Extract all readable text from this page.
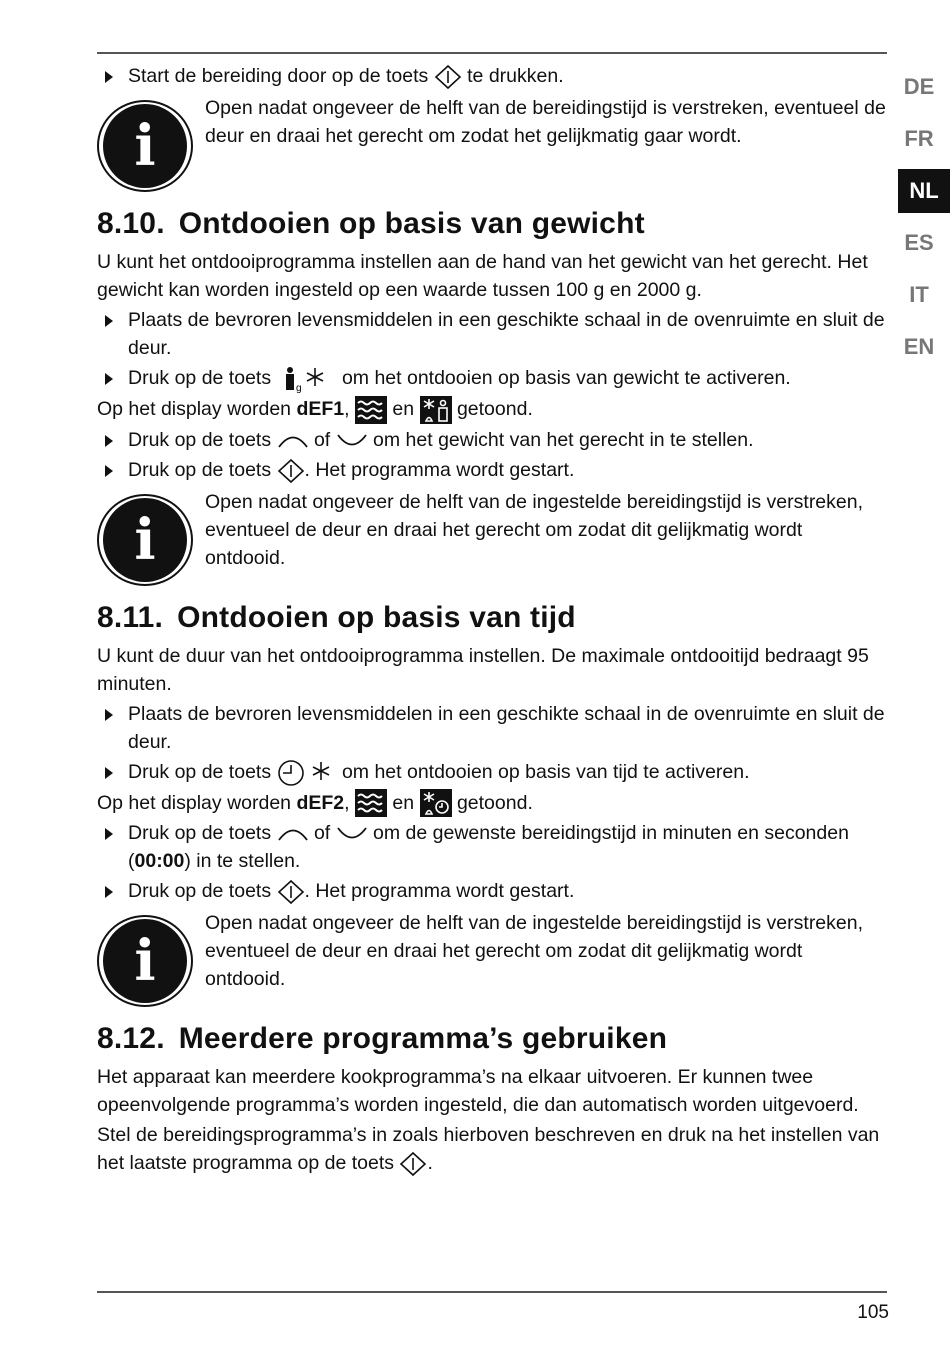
DE
FR
NL
ES
IT
EN
Start de bereiding door op de toets te drukken.
i
Open nadat ongeveer de helft van de bereidingstijd is verstreken, eventueel de deur en draai het gerecht om zodat het gelijkmatig gaar wordt.
8.10. Ontdooien op basis van gewicht

U kunt het ontdooiprogramma instellen aan de hand van het gewicht van het gerecht. Het gewicht kan worden ingesteld op een waarde tussen 100 g en 2000 g.

Plaats de bevroren levensmiddelen in een geschikte schaal in de ovenruimte en sluit de deur.
Druk op de toets g om het ontdooien op basis van gewicht te activeren.

Op het display worden dEF1,  en getoond.

Druk op de toets of om het gewicht van het gerecht in te stellen.
Druk op de toets . Het programma wordt gestart.
i
Open nadat ongeveer de helft van de ingestelde bereidingstijd is verstreken, eventueel de deur en draai het gerecht om zodat dit gelijkmatig wordt ontdooid.
8.11. Ontdooien op basis van tijd

U kunt de duur van het ontdooiprogramma instellen. De maximale ontdooitijd bedraagt 95 minuten.

Plaats de bevroren levensmiddelen in een geschikte schaal in de ovenruimte en sluit de deur.
Druk op de toets	om het ontdooien op basis van tijd te activeren.

Op het display worden dEF2,  en getoond.

Druk op de toets of om de gewenste bereidingstijd in minuten en seconden (00:00) in te stellen.
Druk op de toets . Het programma wordt gestart.
i
Open nadat ongeveer de helft van de ingestelde bereidingstijd is verstreken, eventueel de deur en draai het gerecht om zodat dit gelijkmatig wordt ontdooid.
8.12. Meerdere programma’s gebruiken

Het apparaat kan meerdere kookprogramma’s na elkaar uitvoeren. Er kunnen twee opeenvolgende programma’s worden ingesteld, die dan automatisch worden uitgevoerd.

Stel de bereidingsprogramma’s in zoals hierboven beschreven en druk na het instellen van het laatste programma op de toets .

105
